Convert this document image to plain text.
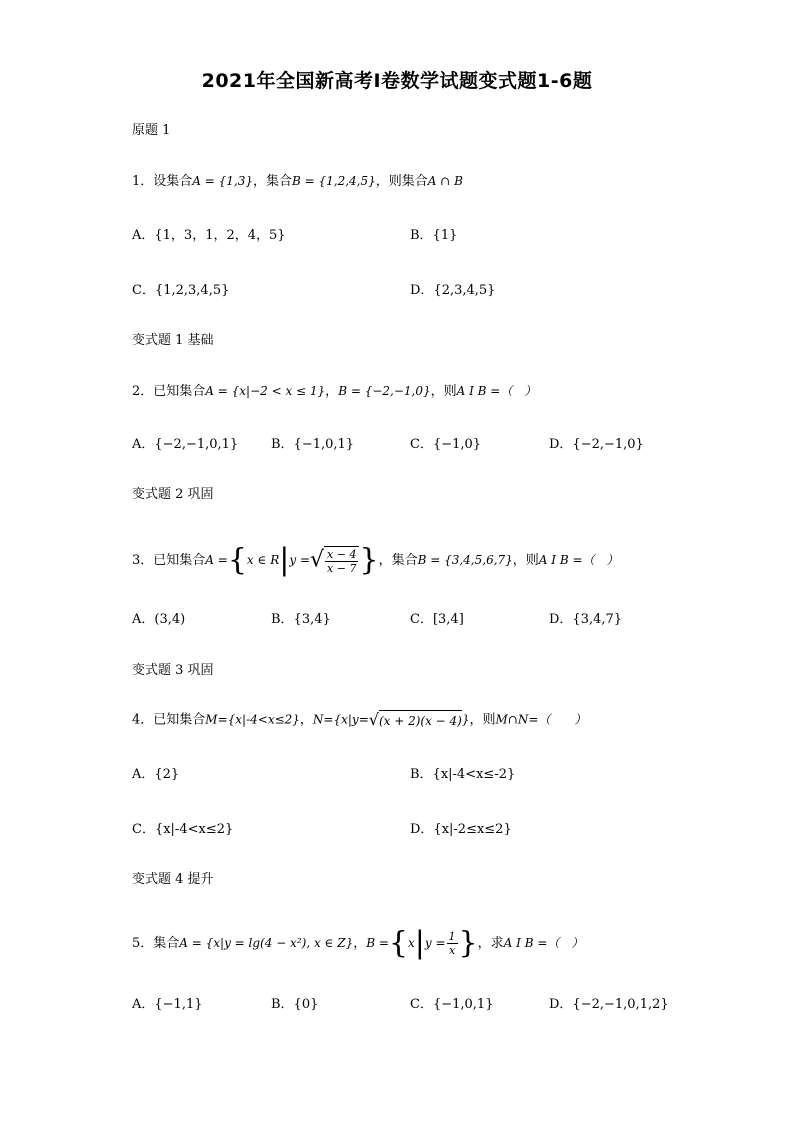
2021年全国新高考Ⅰ卷数学试题变式题1-6题
原题 1
1．设集合A = {1,3}，集合B = {1,2,4,5}，则集合A ∩ B
A．{1，3，1，2，4，5}	B．{1}
C．{1,2,3,4,5}	D．{2,3,4,5}
变式题 1 基础
2．已知集合A = {x|−2 < x ≤ 1}，B = {−2,−1,0}，则A I B =（　）
A．{−2,−1,0,1}	B．{−1,0,1}	C．{−1,0}	D．{−2,−1,0}
变式题 2 巩固
3．已知集合A ={x ∈ R|y =√ $\frac{x - 4}{x - 7}$ }，集合B = {3,4,5,6,7}，则A I B =（　）
A．(3,4)	B．{3,4}	C．[3,4]	D．{3,4,7}
变式题 3 巩固
4．已知集合M={x|-4<x≤2}，N={x|y=√(x + 2)(x − 4)}，则M∩N=（　　）
A．{2}	B．{x|-4<x≤-2}
C．{x|-4<x≤2}	D．{x|-2≤x≤2}
变式题 4 提升
5．集合A = {x|y = lg(4 − x²), x ∈ Z}，$B =\{x|y = \frac{1}{x}$ }，求A I B =（　）
A．{−1,1}	B．{0}	C．{−1,0,1}	D．{−2,−1,0,1,2}
